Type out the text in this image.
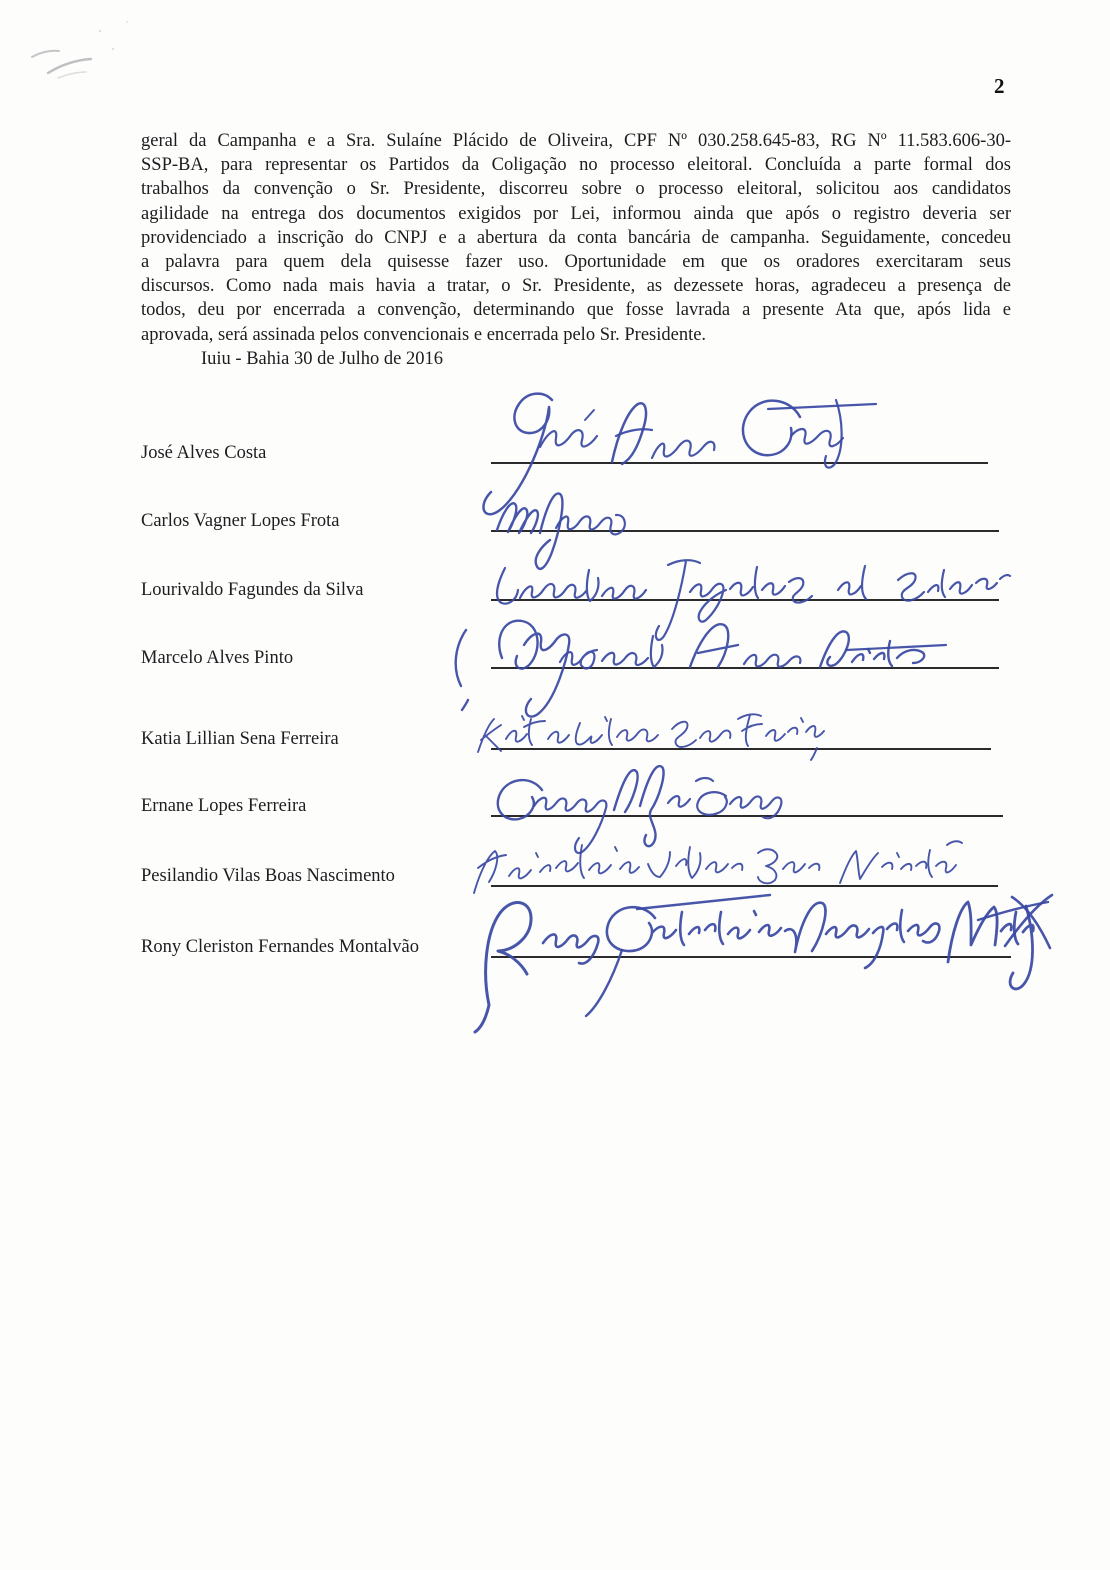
2
geral da Campanha e a Sra. Sulaíne Plácido de Oliveira, CPF Nº 030.258.645-83, RG Nº 11.583.606-30-
SSP-BA, para representar os Partidos da Coligação no processo eleitoral. Concluída a parte formal dos
trabalhos da convenção o Sr. Presidente, discorreu sobre o processo eleitoral, solicitou aos candidatos
agilidade na entrega dos documentos exigidos por Lei, informou ainda que após o registro deveria ser
providenciado a inscrição do CNPJ e a abertura da conta bancária de campanha. Seguidamente, concedeu
a palavra para quem dela quisesse fazer uso. Oportunidade em que os oradores exercitaram seus
discursos. Como nada mais havia a tratar, o Sr. Presidente, as dezessete horas, agradeceu a presença de
todos, deu por encerrada a convenção, determinando que fosse lavrada a presente Ata que, após lida e
aprovada, será assinada pelos convencionais e encerrada pelo Sr. Presidente.
Iuiu - Bahia 30 de Julho de 2016
José Alves Costa
Carlos Vagner Lopes Frota
Lourivaldo Fagundes da Silva
Marcelo Alves Pinto
Katia Lillian Sena Ferreira
Ernane Lopes Ferreira
Pesilandio Vilas Boas Nascimento
Rony Cleriston Fernandes Montalvão
